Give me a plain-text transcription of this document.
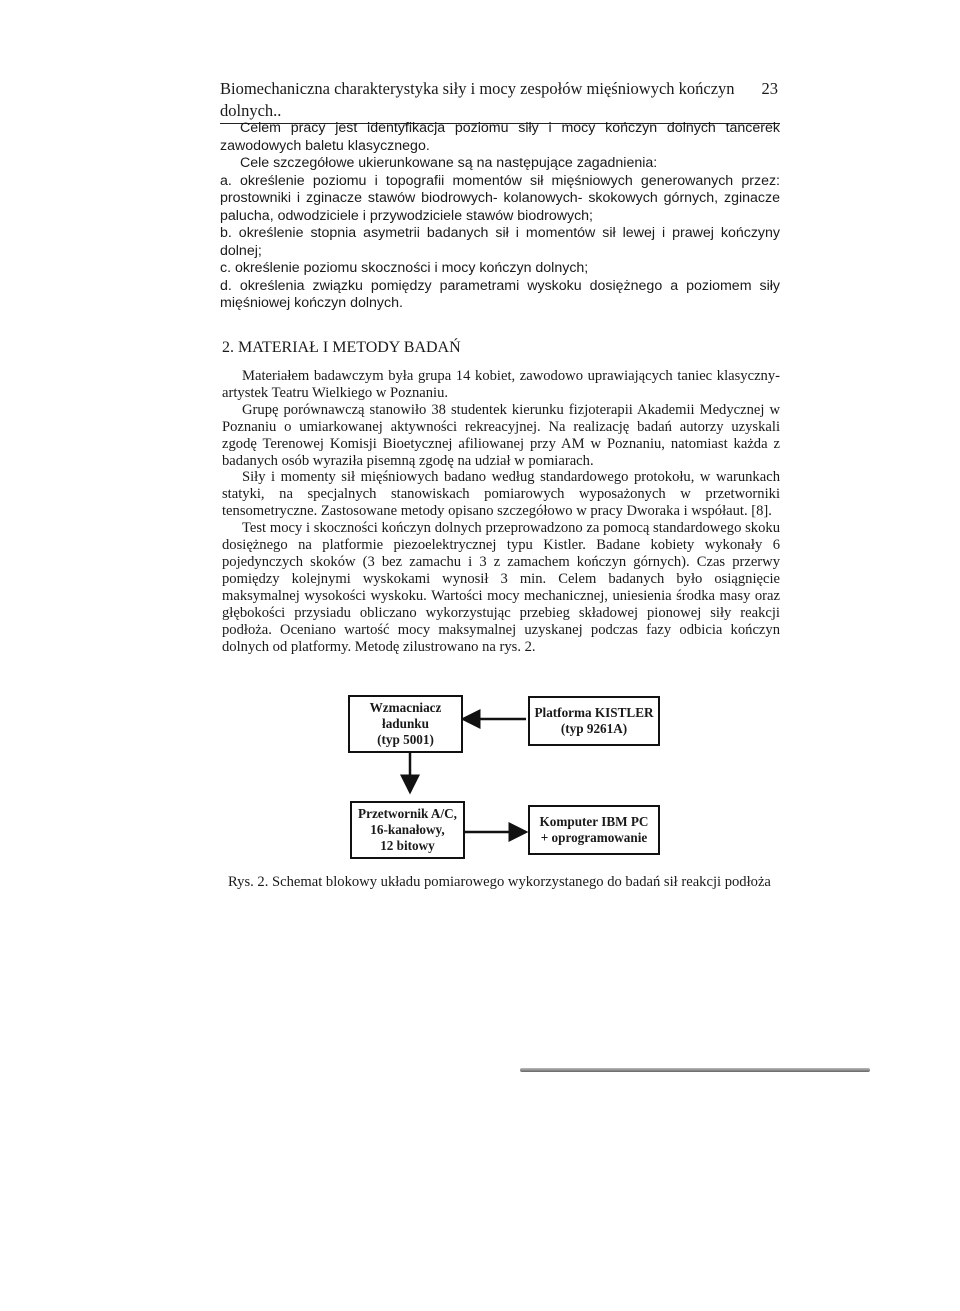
Biomechaniczna charakterystyka siły i mocy zespołów mięśniowych kończyn dolnych..
23

Celem pracy jest identyfikacja poziomu siły i mocy kończyn dolnych tancerek zawodowych baletu klasycznego.

Cele szczegółowe ukierunkowane są na następujące zagadnienia:

a. określenie poziomu i topografii momentów sił mięśniowych generowanych przez: prostowniki i zginacze stawów biodrowych- kolanowych- skokowych górnych, zginacze palucha, odwodziciele i przywodziciele stawów biodrowych;

b. określenie stopnia asymetrii badanych sił i momentów sił lewej i prawej kończyny dolnej;

c. określenie poziomu skoczności i mocy kończyn dolnych;

d. określenia związku pomiędzy parametrami wyskoku dosiężnego a poziomem siły mięśniowej kończyn dolnych.

2. MATERIAŁ I METODY BADAŃ

Materiałem badawczym była grupa 14 kobiet, zawodowo uprawiających taniec klasyczny-artystek Teatru Wielkiego w Poznaniu.

Grupę porównawczą stanowiło 38 studentek kierunku fizjoterapii Akademii Medycznej w Poznaniu o umiarkowanej aktywności rekreacyjnej. Na realizację badań autorzy uzyskali zgodę Terenowej Komisji Bioetycznej afiliowanej przy AM w Poznaniu, natomiast każda z badanych osób wyraziła pisemną zgodę na udział w pomiarach.

Siły i momenty sił mięśniowych badano według standardowego protokołu, w warunkach statyki, na specjalnych stanowiskach pomiarowych wyposażonych w przetworniki tensometryczne. Zastosowane metody opisano szczegółowo w pracy Dworaka i współaut. [8].

Test mocy i skoczności kończyn dolnych przeprowadzono za pomocą standardowego skoku dosiężnego na platformie piezoelektrycznej typu Kistler. Badane kobiety wykonały 6 pojedynczych skoków (3 bez zamachu i 3 z zamachem kończyn górnych). Czas przerwy pomiędzy kolejnymi wyskokami wynosił 3 min. Celem badanych było osiągnięcie maksymalnej wysokości wyskoku. Wartości mocy mechanicznej, uniesienia środka masy oraz głębokości przysiadu obliczano wykorzystując przebieg składowej pionowej siły reakcji podłoża. Oceniano wartość mocy maksymalnej uzyskanej podczas fazy odbicia kończyn dolnych od platformy. Metodę zilustrowano na rys. 2.

Wzmacniacz
ładunku
(typ 5001)
Platforma KISTLER
(typ 9261A)
Przetwornik A/C,
16-kanałowy,
12 bitowy
Komputer IBM PC
+ oprogramowanie
Rys. 2. Schemat blokowy układu pomiarowego wykorzystanego do badań sił reakcji podłoża
